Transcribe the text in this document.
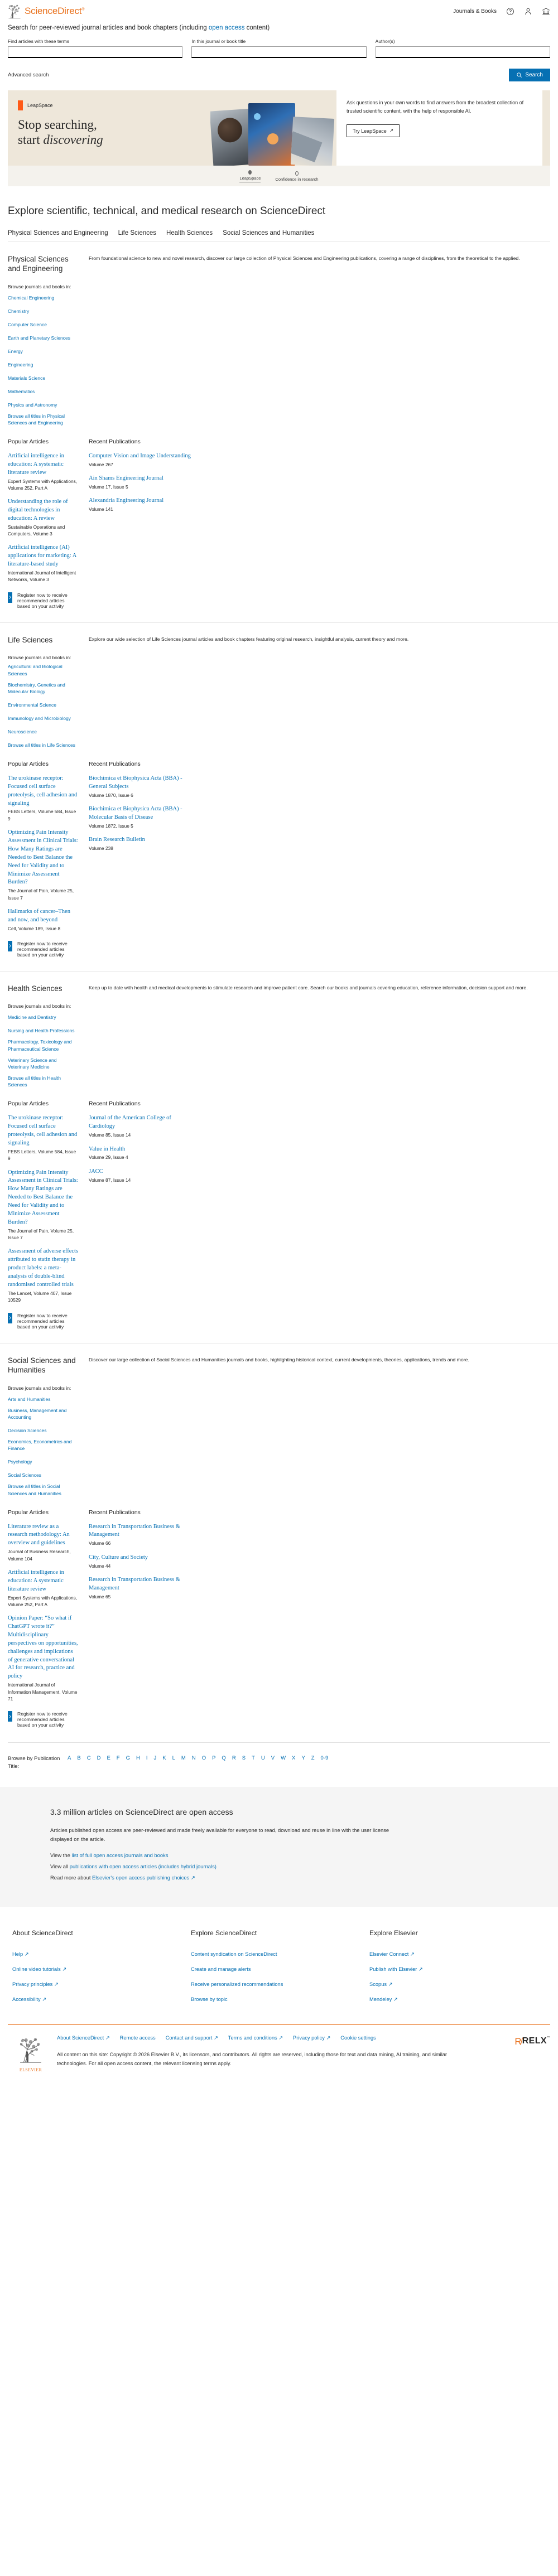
ScienceDirect®	Journals & Books
Search for peer-reviewed journal articles and book chapters (including open access content)
Find articles with these terms	In this journal or book title	Author(s)
Advanced search	Search
LeapSpace
Stop searching,
start discovering
Ask questions in your own words to find answers from the broadest collection of trusted scientific content, with the help of responsible AI.
Try LeapSpace ↗
LeapSpace	Confidence in research
Explore scientific, technical, and medical research on ScienceDirect
Physical Sciences and Engineering Life Sciences Health Sciences Social Sciences and Humanities
Physical Sciences and Engineering
Browse journals and books in:
Chemical Engineering
Chemistry
Computer Science
Earth and Planetary Sciences
Energy
Engineering
Materials Science
Mathematics
Physics and Astronomy
Browse all titles in Physical Sciences and Engineering
From foundational science to new and novel research, discover our large collection of Physical Sciences and Engineering publications, covering a range of disciplines, from the theoretical to the applied.
Popular Articles
Artificial intelligence in education: A systematic literature review
Expert Systems with Applications, Volume 252, Part A
Understanding the role of digital technologies in education: A review
Sustainable Operations and Computers, Volume 3
Artificial intelligence (AI) applications for marketing: A literature-based study
International Journal of Intelligent Networks, Volume 3
Register now to receive recommended articles based on your activity
Recent Publications
Computer Vision and Image Understanding
Volume 267
Ain Shams Engineering Journal
Volume 17, Issue 5
Alexandria Engineering Journal
Volume 141
Life Sciences
Browse journals and books in:
Agricultural and Biological Sciences
Biochemistry, Genetics and Molecular Biology
Environmental Science
Immunology and Microbiology
Neuroscience
Browse all titles in Life Sciences
Explore our wide selection of Life Sciences journal articles and book chapters featuring original research, insightful analysis, current theory and more.
Popular Articles
The urokinase receptor: Focused cell surface proteolysis, cell adhesion and signaling
FEBS Letters, Volume 584, Issue 9
Optimizing Pain Intensity Assessment in Clinical Trials: How Many Ratings are Needed to Best Balance the Need for Validity and to Minimize Assessment Burden?
The Journal of Pain, Volume 25, Issue 7
Hallmarks of cancer–Then and now, and beyond
Cell, Volume 189, Issue 8
Register now to receive recommended articles based on your activity
Recent Publications
Biochimica et Biophysica Acta (BBA) - General Subjects
Volume 1870, Issue 6
Biochimica et Biophysica Acta (BBA) - Molecular Basis of Disease
Volume 1872, Issue 5
Brain Research Bulletin
Volume 238
Health Sciences
Browse journals and books in:
Medicine and Dentistry
Nursing and Health Professions
Pharmacology, Toxicology and Pharmaceutical Science
Veterinary Science and Veterinary Medicine
Browse all titles in Health Sciences
Keep up to date with health and medical developments to stimulate research and improve patient care. Search our books and journals covering education, reference information, decision support and more.
Popular Articles
The urokinase receptor: Focused cell surface proteolysis, cell adhesion and signaling
FEBS Letters, Volume 584, Issue 9
Optimizing Pain Intensity Assessment in Clinical Trials: How Many Ratings are Needed to Best Balance the Need for Validity and to Minimize Assessment Burden?
The Journal of Pain, Volume 25, Issue 7
Assessment of adverse effects attributed to statin therapy in product labels: a meta-analysis of double-blind randomised controlled trials
The Lancet, Volume 407, Issue 10529
Register now to receive recommended articles based on your activity
Recent Publications
Journal of the American College of Cardiology
Volume 85, Issue 14
Value in Health
Volume 29, Issue 4
JACC
Volume 87, Issue 14
Social Sciences and Humanities
Browse journals and books in:
Arts and Humanities
Business, Management and Accounting
Decision Sciences
Economics, Econometrics and Finance
Psychology
Social Sciences
Browse all titles in Social Sciences and Humanities
Discover our large collection of Social Sciences and Humanities journals and books, highlighting historical context, current developments, theories, applications, trends and more.
Popular Articles
Literature review as a research methodology: An overview and guidelines
Journal of Business Research, Volume 104
Artificial intelligence in education: A systematic literature review
Expert Systems with Applications, Volume 252, Part A
Opinion Paper: “So what if ChatGPT wrote it?” Multidisciplinary perspectives on opportunities, challenges and implications of generative conversational AI for research, practice and policy
International Journal of Information Management, Volume 71
Register now to receive recommended articles based on your activity
Recent Publications
Research in Transportation Business & Management
Volume 66
City, Culture and Society
Volume 44
Research in Transportation Business & Management
Volume 65
Browse by Publication Title:
A B C D E F G H I J K L M N O P Q R S T U V W X Y Z 0-9
3.3 million articles on ScienceDirect are open access

Articles published open access are peer-reviewed and made freely available for everyone to read, download and reuse in line with the user license displayed on the article.

View the list of full open access journals and books
View all publications with open access articles (includes hybrid journals)
Read more about Elsevier's open access publishing choices ↗
About ScienceDirect
Help ↗
Online video tutorials ↗
Privacy principles ↗
Accessibility ↗
Explore ScienceDirect
Content syndication on ScienceDirect
Create and manage alerts
Receive personalized recommendations
Browse by topic
Explore Elsevier
Elsevier Connect ↗
Publish with Elsevier ↗
Scopus ↗
Mendeley ↗
ELSEVIER
About ScienceDirect ↗ Remote access Contact and support ↗ Terms and conditions ↗ Privacy policy ↗ Cookie settings
All content on this site: Copyright © 2026 Elsevier B.V., its licensors, and contributors. All rights are reserved, including those for text and data mining, AI training, and similar technologies. For all open access content, the relevant licensing terms apply.
 R̸ RELX ™
